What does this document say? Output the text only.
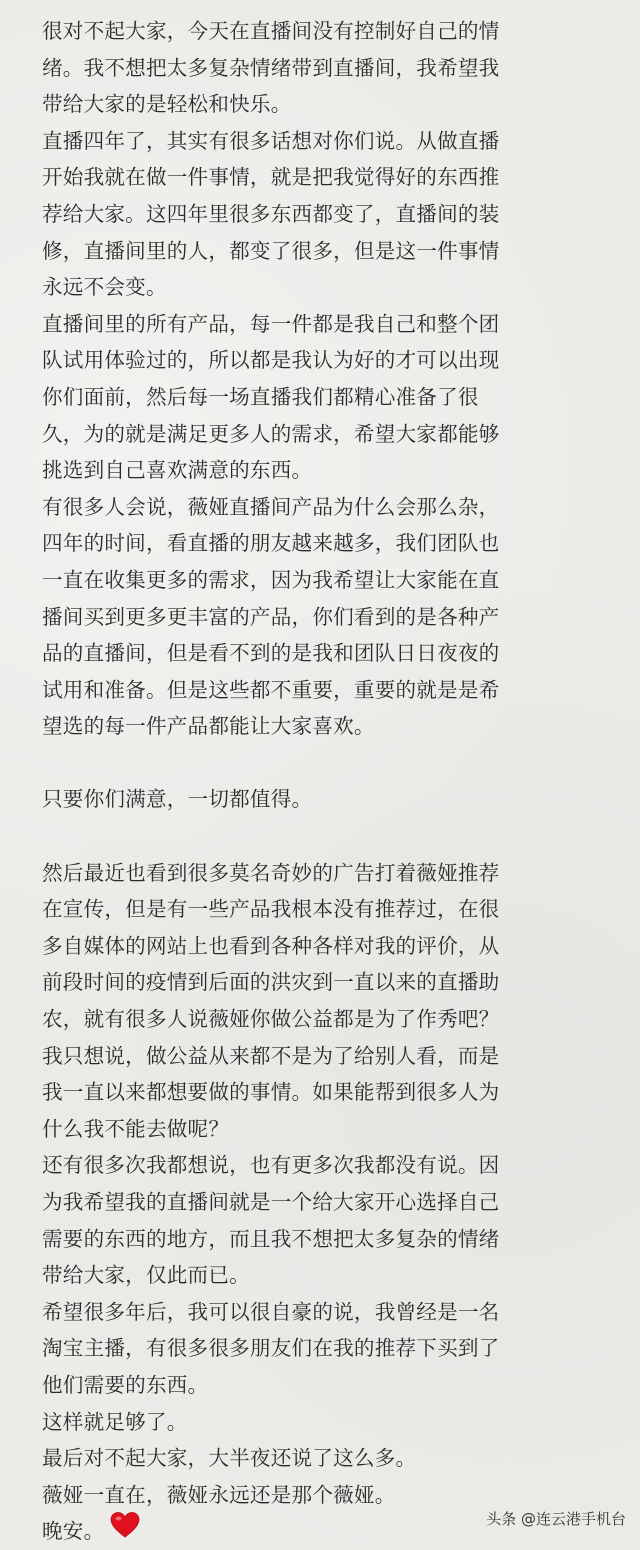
很对不起大家，今天在直播间没有控制好自己的情
绪。我不想把太多复杂情绪带到直播间，我希望我
带给大家的是轻松和快乐。
直播四年了，其实有很多话想对你们说。从做直播
开始我就在做一件事情，就是把我觉得好的东西推
荐给大家。这四年里很多东西都变了，直播间的装
修，直播间里的人，都变了很多，但是这一件事情
永远不会变。
直播间里的所有产品，每一件都是我自己和整个团
队试用体验过的，所以都是我认为好的才可以出现
你们面前，然后每一场直播我们都精心准备了很
久，为的就是满足更多人的需求，希望大家都能够
挑选到自己喜欢满意的东西。
有很多人会说，薇娅直播间产品为什么会那么杂，
四年的时间，看直播的朋友越来越多，我们团队也
一直在收集更多的需求，因为我希望让大家能在直
播间买到更多更丰富的产品，你们看到的是各种产
品的直播间，但是看不到的是我和团队日日夜夜的
试用和准备。但是这些都不重要，重要的就是是希
望选的每一件产品都能让大家喜欢。
只要你们满意，一切都值得。
然后最近也看到很多莫名奇妙的广告打着薇娅推荐
在宣传，但是有一些产品我根本没有推荐过，在很
多自媒体的网站上也看到各种各样对我的评价，从
前段时间的疫情到后面的洪灾到一直以来的直播助
农，就有很多人说薇娅你做公益都是为了作秀吧？
我只想说，做公益从来都不是为了给别人看，而是
我一直以来都想要做的事情。如果能帮到很多人为
什么我不能去做呢？
还有很多次我都想说，也有更多次我都没有说。因
为我希望我的直播间就是一个给大家开心选择自己
需要的东西的地方，而且我不想把太多复杂的情绪
带给大家，仅此而已。
希望很多年后，我可以很自豪的说，我曾经是一名
淘宝主播，有很多很多朋友们在我的推荐下买到了
他们需要的东西。
这样就足够了。
最后对不起大家，大半夜还说了这么多。
薇娅一直在，薇娅永远还是那个薇娅。
晚安。
头条 @连云港手机台
